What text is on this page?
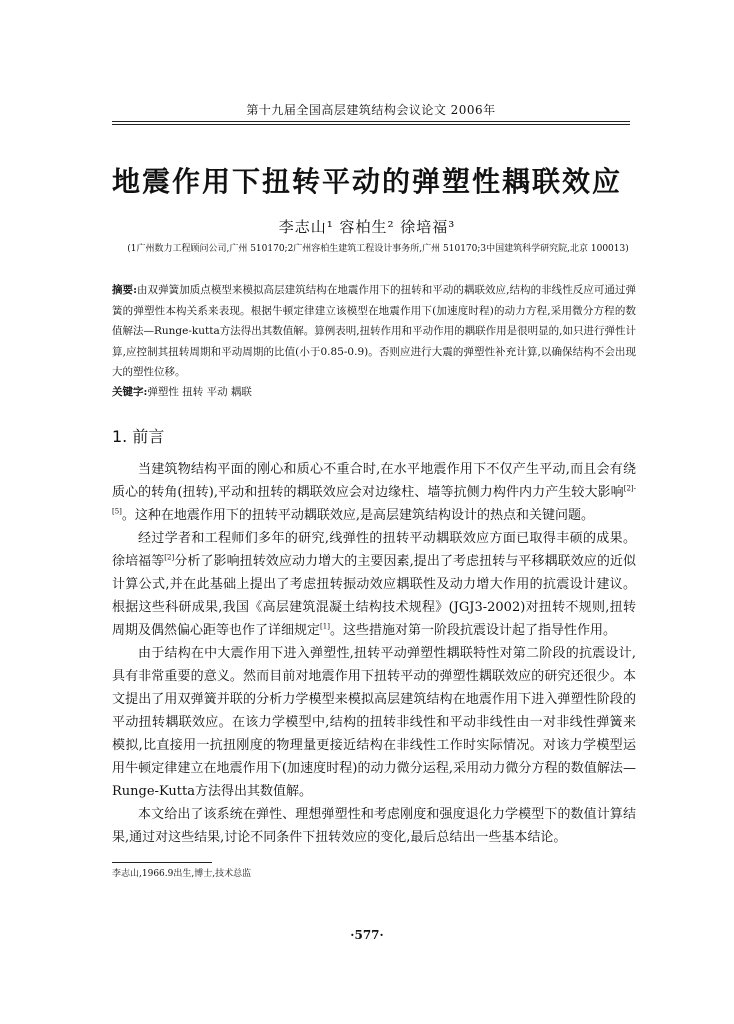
第十九届全国高层建筑结构会议论文 2006年
地震作用下扭转平动的弹塑性耦联效应
李志山¹ 容柏生² 徐培福³
(1广州数力工程顾问公司,广州 510170;2广州容柏生建筑工程设计事务所,广州 510170;3中国建筑科学研究院,北京 100013)
摘要:由双弹簧加质点模型来模拟高层建筑结构在地震作用下的扭转和平动的耦联效应,结构的非线性反应可通过弹簧的弹塑性本构关系来表现。根据牛顿定律建立该模型在地震作用下(加速度时程)的动力方程,采用微分方程的数值解法—Runge-kutta方法得出其数值解。算例表明,扭转作用和平动作用的耦联作用是很明显的,如只进行弹性计算,应控制其扭转周期和平动周期的比值(小于0.85-0.9)。否则应进行大震的弹塑性补充计算,以确保结构不会出现大的塑性位移。
关键字:弹塑性 扭转 平动 耦联
1. 前言

当建筑物结构平面的刚心和质心不重合时,在水平地震作用下不仅产生平动,而且会有绕质心的转角(扭转),平动和扭转的耦联效应会对边缘柱、墙等抗侧力构件内力产生较大影响[2]-[5]。这种在地震作用下的扭转平动耦联效应,是高层建筑结构设计的热点和关键问题。

经过学者和工程师们多年的研究,线弹性的扭转平动耦联效应方面已取得丰硕的成果。徐培福等[2]分析了影响扭转效应动力增大的主要因素,提出了考虑扭转与平移耦联效应的近似计算公式,并在此基础上提出了考虑扭转振动效应耦联性及动力增大作用的抗震设计建议。根据这些科研成果,我国《高层建筑混凝土结构技术规程》(JGJ3-2002)对扭转不规则,扭转周期及偶然偏心距等也作了详细规定[1]。这些措施对第一阶段抗震设计起了指导性作用。

由于结构在中大震作用下进入弹塑性,扭转平动弹塑性耦联特性对第二阶段的抗震设计,具有非常重要的意义。然而目前对地震作用下扭转平动的弹塑性耦联效应的研究还很少。本文提出了用双弹簧并联的分析力学模型来模拟高层建筑结构在地震作用下进入弹塑性阶段的平动扭转耦联效应。在该力学模型中,结构的扭转非线性和平动非线性由一对非线性弹簧来模拟,比直接用一抗扭刚度的物理量更接近结构在非线性工作时实际情况。对该力学模型运用牛顿定律建立在地震作用下(加速度时程)的动力微分运程,采用动力微分方程的数值解法—Runge-Kutta方法得出其数值解。

本文给出了该系统在弹性、理想弹塑性和考虑刚度和强度退化力学模型下的数值计算结果,通过对这些结果,讨论不同条件下扭转效应的变化,最后总结出一些基本结论。

李志山,1966.9出生,博士,技术总监
·577·
